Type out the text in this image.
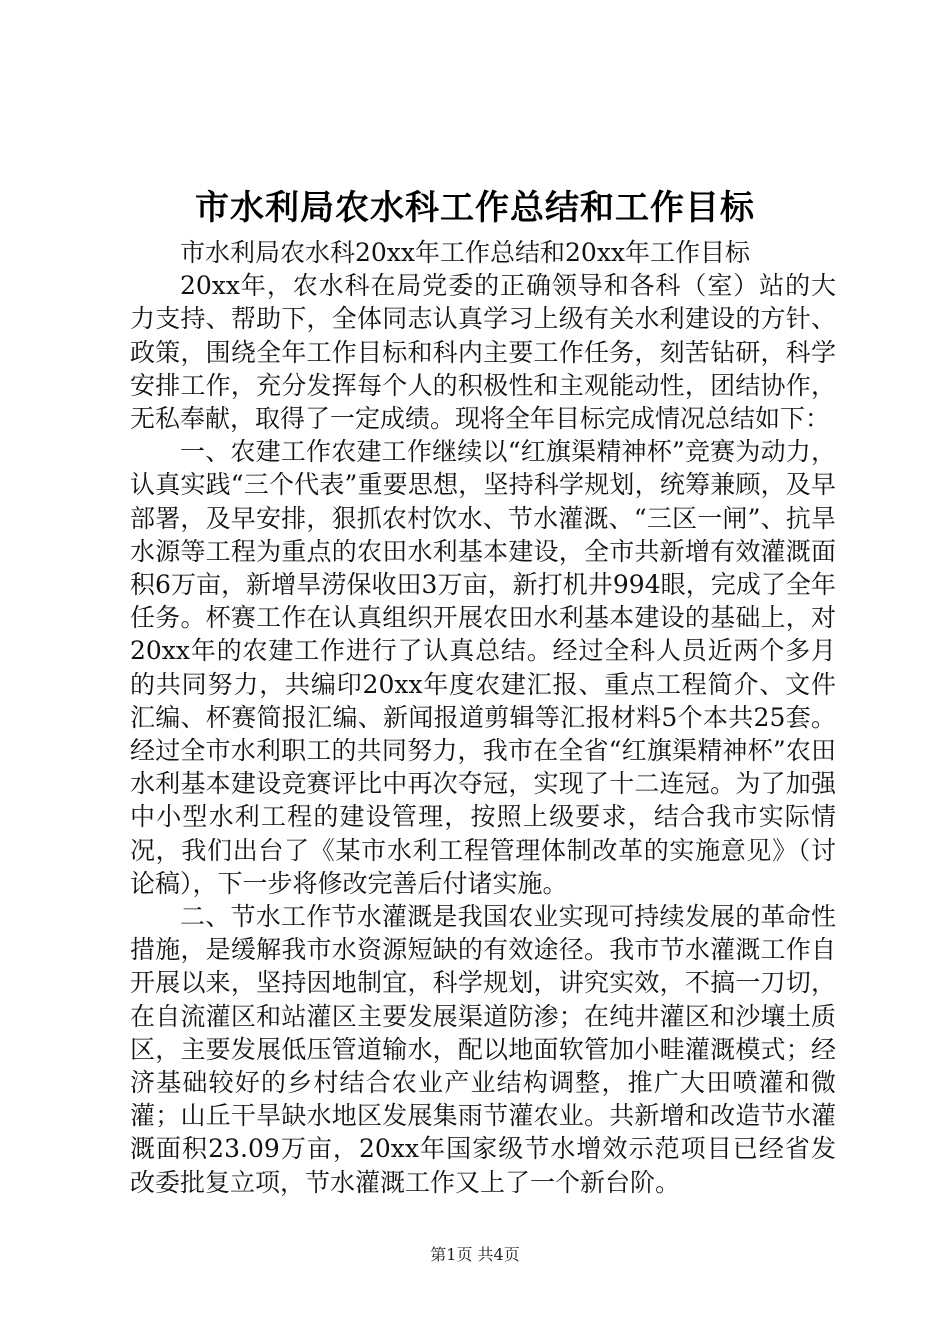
市水利局农水科工作总结和工作目标

市水利局农水科20xx年工作总结和20xx年工作目标

20xx年，农水科在局党委的正确领导和各科（室）站的大力支持、帮助下，全体同志认真学习上级有关水利建设的方针、政策，围绕全年工作目标和科内主要工作任务，刻苦钻研，科学安排工作，充分发挥每个人的积极性和主观能动性，团结协作，无私奉献，取得了一定成绩。现将全年目标完成情况总结如下：

一、农建工作农建工作继续以“红旗渠精神杯”竞赛为动力，认真实践“三个代表”重要思想，坚持科学规划，统筹兼顾，及早部署，及早安排，狠抓农村饮水、节水灌溉、“三区一闸”、抗旱水源等工程为重点的农田水利基本建设，全市共新增有效灌溉面积6万亩，新增旱涝保收田3万亩，新打机井994眼，完成了全年任务。杯赛工作在认真组织开展农田水利基本建设的基础上，对20xx年的农建工作进行了认真总结。经过全科人员近两个多月的共同努力，共编印20xx年度农建汇报、重点工程简介、文件汇编、杯赛简报汇编、新闻报道剪辑等汇报材料5个本共25套。经过全市水利职工的共同努力，我市在全省“红旗渠精神杯”农田水利基本建设竞赛评比中再次夺冠，实现了十二连冠。为了加强中小型水利工程的建设管理，按照上级要求，结合我市实际情况，我们出台了《某市水利工程管理体制改革的实施意见》（讨论稿），下一步将修改完善后付诸实施。

二、节水工作节水灌溉是我国农业实现可持续发展的革命性措施，是缓解我市水资源短缺的有效途径。我市节水灌溉工作自开展以来，坚持因地制宜，科学规划，讲究实效，不搞一刀切，在自流灌区和站灌区主要发展渠道防渗；在纯井灌区和沙壤土质区，主要发展低压管道输水，配以地面软管加小畦灌溉模式；经济基础较好的乡村结合农业产业结构调整，推广大田喷灌和微灌；山丘干旱缺水地区发展集雨节灌农业。共新增和改造节水灌溉面积23.09万亩，20xx年国家级节水增效示范项目已经省发改委批复立项，节水灌溉工作又上了一个新台阶。

第1页 共4页
